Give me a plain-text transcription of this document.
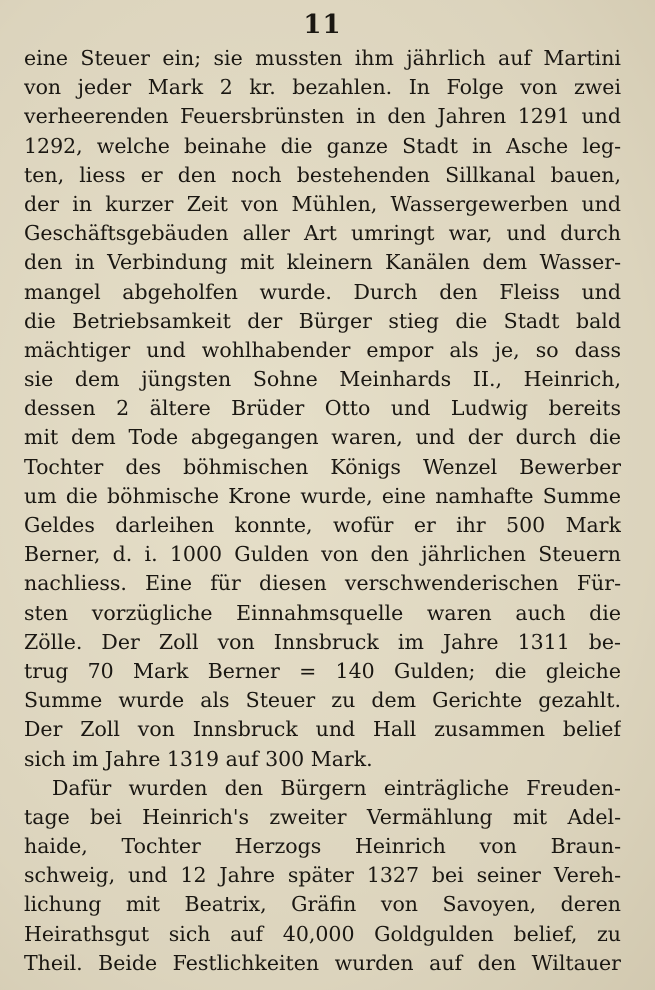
11
eine Steuer ein; sie mussten ihm jährlich auf Martini
von jeder Mark 2 kr. bezahlen. In Folge von zwei
verheerenden Feuersbrünsten in den Jahren 1291 und
1292, welche beinahe die ganze Stadt in Asche leg-
ten, liess er den noch bestehenden Sillkanal bauen,
der in kurzer Zeit von Mühlen, Wassergewerben und
Geschäftsgebäuden aller Art umringt war, und durch
den in Verbindung mit kleinern Kanälen dem Wasser-
mangel abgeholfen wurde. Durch den Fleiss und
die Betriebsamkeit der Bürger stieg die Stadt bald
mächtiger und wohlhabender empor als je, so dass
sie dem jüngsten Sohne Meinhards II., Heinrich,
dessen 2 ältere Brüder Otto und Ludwig bereits
mit dem Tode abgegangen waren, und der durch die
Tochter des böhmischen Königs Wenzel Bewerber
um die böhmische Krone wurde, eine namhafte Summe
Geldes darleihen konnte, wofür er ihr 500 Mark
Berner, d. i. 1000 Gulden von den jährlichen Steuern
nachliess. Eine für diesen verschwenderischen Für-
sten vorzügliche Einnahmsquelle waren auch die
Zölle. Der Zoll von Innsbruck im Jahre 1311 be-
trug 70 Mark Berner = 140 Gulden; die gleiche
Summe wurde als Steuer zu dem Gerichte gezahlt.
Der Zoll von Innsbruck und Hall zusammen belief
sich im Jahre 1319 auf 300 Mark.
Dafür wurden den Bürgern einträgliche Freuden-
tage bei Heinrich's zweiter Vermählung mit Adel-
haide, Tochter Herzogs Heinrich von Braun-
schweig, und 12 Jahre später 1327 bei seiner Vereh-
lichung mit Beatrix, Gräfin von Savoyen, deren
Heirathsgut sich auf 40,000 Goldgulden belief, zu
Theil. Beide Festlichkeiten wurden auf den Wiltauer
